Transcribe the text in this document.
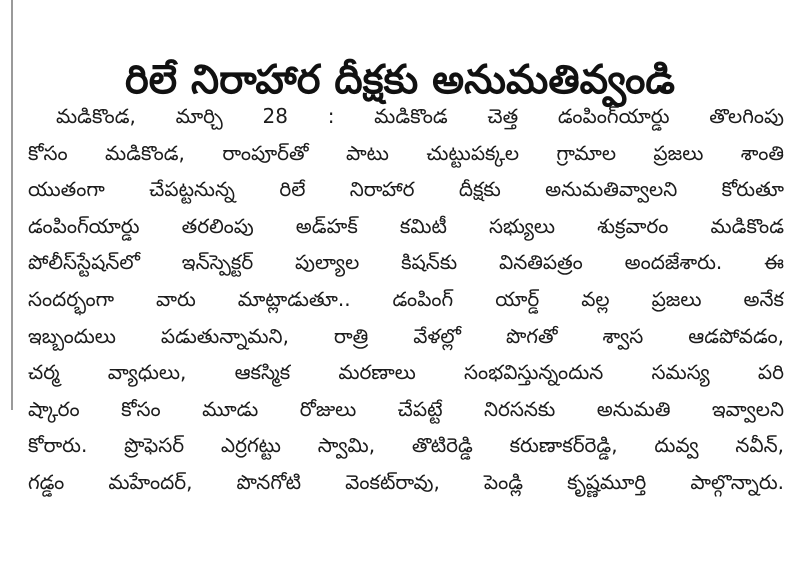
రిలే నిరాహార దీక్షకు అనుమతివ్వండి
మడికొండ, మార్చి 28 : మడికొండ చెత్త డంపింగ్‌యార్డు తొలగింపు
కోసం మడికొండ, రాంపూర్‌తో పాటు చుట్టుపక్కల గ్రామాల ప్రజలు శాంతి
యుతంగా చేపట్టనున్న రిలే నిరాహార దీక్షకు అనుమతివ్వాలని కోరుతూ
డంపింగ్‌యార్డు తరలింపు అడ్‌హక్ కమిటీ సభ్యులు శుక్రవారం మడికొండ
పోలీస్‌స్టేషన్‌లో ఇన్‌స్పెక్టర్ పుల్యాల కిషన్‌కు వినతిపత్రం అందజేశారు. ఈ
సందర్భంగా వారు మాట్లాడుతూ.. డంపింగ్ యార్డ్ వల్ల ప్రజలు అనేక
ఇబ్బందులు పడుతున్నామని, రాత్రి వేళల్లో పొగతో శ్వాస ఆడపోవడం,
చర్మ వ్యాధులు, ఆకస్మిక మరణాలు సంభవిస్తున్నందున సమస్య పరి
ష్కారం కోసం మూడు రోజులు చేపట్టే నిరసనకు అనుమతి ఇవ్వాలని
కోరారు. ప్రొఫెసర్ ఎర్రగట్టు స్వామి, తొటిరెడ్డి కరుణాకర్‌రెడ్డి, దువ్వ నవీన్,
గడ్డం మహేందర్, పొనగోటి వెంకట్‌రావు, పెండ్లి కృష్ణమూర్తి పాల్గొన్నారు.
